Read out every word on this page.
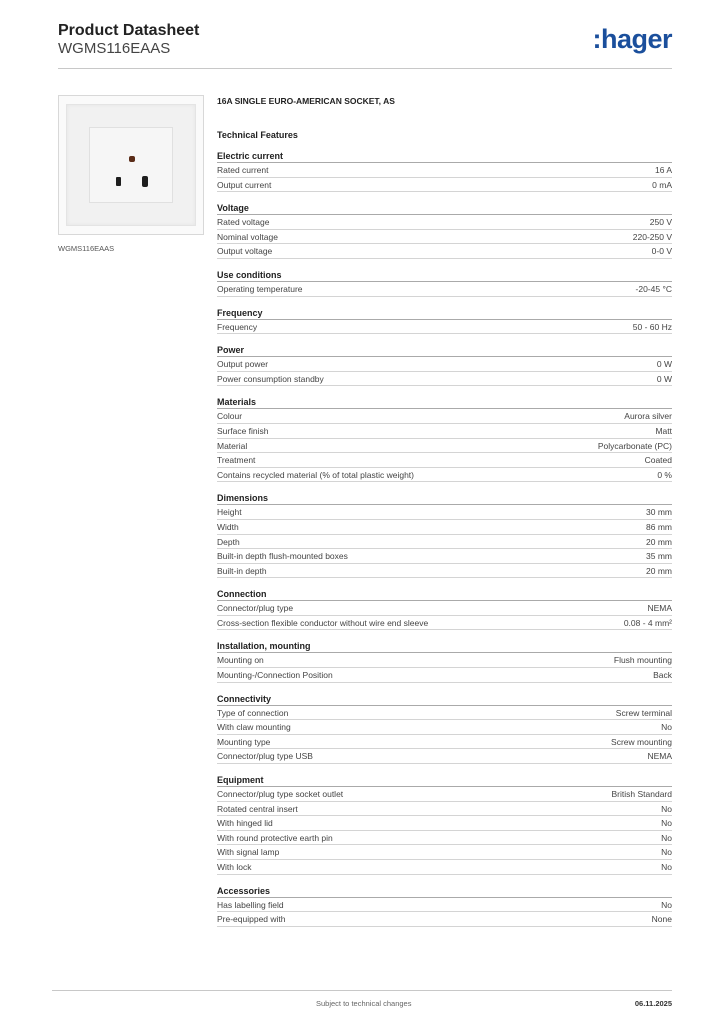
Product Datasheet
WGMS116EAAS	:hager
WGMS116EAAS
16A SINGLE EURO-AMERICAN SOCKET, AS
Technical Features
Electric current
Rated current	16 A
Output current	0 mA
Voltage
Rated voltage	250 V
Nominal voltage	220-250 V
Output voltage	0-0 V
Use conditions
Operating temperature	-20-45 °C
Frequency
Frequency	50 - 60 Hz
Power
Output power	0 W
Power consumption standby	0 W
Materials
Colour	Aurora silver
Surface finish	Matt
Material	Polycarbonate (PC)
Treatment	Coated
Contains recycled material (% of total plastic weight)	0 %
Dimensions
Height	30 mm
Width	86 mm
Depth	20 mm
Built-in depth flush-mounted boxes	35 mm
Built-in depth	20 mm
Connection
Connector/plug type	NEMA
Cross-section flexible conductor without wire end sleeve	0.08 - 4 mm²
Installation, mounting
Mounting on	Flush mounting
Mounting-/Connection Position	Back
Connectivity
Type of connection	Screw terminal
With claw mounting	No
Mounting type	Screw mounting
Connector/plug type USB	NEMA
Equipment
Connector/plug type socket outlet	British Standard
Rotated central insert	No
With hinged lid	No
With round protective earth pin	No
With signal lamp	No
With lock	No
Accessories
Has labelling field	No
Pre-equipped with	None
Subject to technical changes	06.11.2025
